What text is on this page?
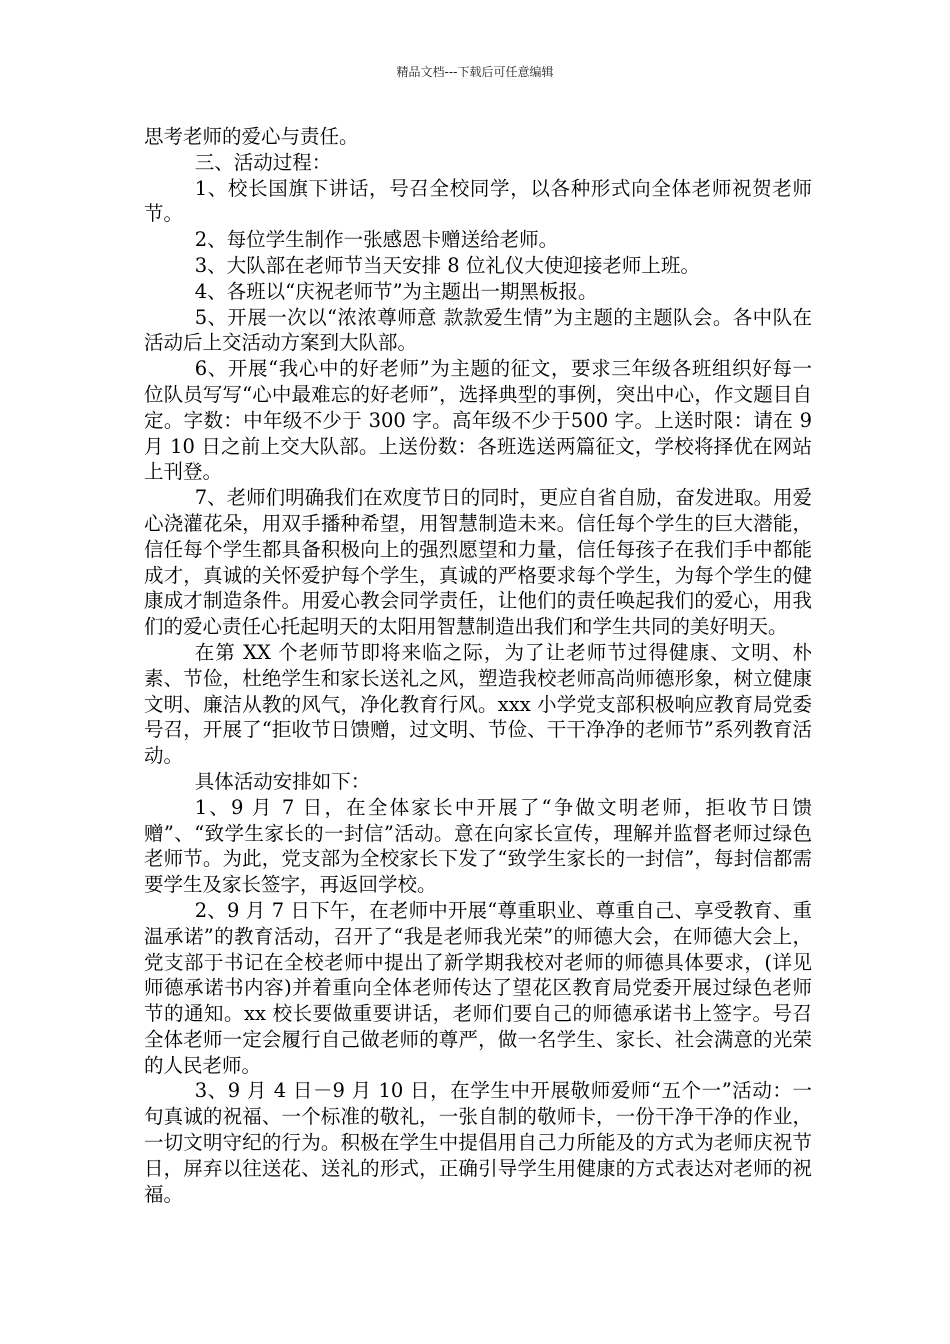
精品文档---下载后可任意编辑

思考老师的爱心与责任。

三、活动过程：

1、校长国旗下讲话，号召全校同学，以各种形式向全体老师祝贺老师节。

2、每位学生制作一张感恩卡赠送给老师。

3、大队部在老师节当天安排 8 位礼仪大使迎接老师上班。

4、各班以“庆祝老师节”为主题出一期黑板报。

5、开展一次以“浓浓尊师意 款款爱生情”为主题的主题队会。各中队在活动后上交活动方案到大队部。

6、开展“我心中的好老师”为主题的征文，要求三年级各班组织好每一位队员写写“心中最难忘的好老师”，选择典型的事例，突出中心，作文题目自定。字数：中年级不少于 300 字。高年级不少于500 字。上送时限：请在 9 月 10 日之前上交大队部。上送份数：各班选送两篇征文，学校将择优在网站上刊登。

7、老师们明确我们在欢度节日的同时，更应自省自励，奋发进取。用爱心浇灌花朵，用双手播种希望，用智慧制造未来。信任每个学生的巨大潜能，信任每个学生都具备积极向上的强烈愿望和力量，信任每孩子在我们手中都能成才，真诚的关怀爱护每个学生，真诚的严格要求每个学生，为每个学生的健康成才制造条件。用爱心教会同学责任，让他们的责任唤起我们的爱心，用我们的爱心责任心托起明天的太阳用智慧制造出我们和学生共同的美好明天。

在第 XX 个老师节即将来临之际，为了让老师节过得健康、文明、朴素、节俭，杜绝学生和家长送礼之风，塑造我校老师高尚师德形象，树立健康文明、廉洁从教的风气，净化教育行风。xxx 小学党支部积极响应教育局党委号召，开展了“拒收节日馈赠，过文明、节俭、干干净净的老师节”系列教育活动。

具体活动安排如下：

1、9 月 7 日，在全体家长中开展了“争做文明老师，拒收节日馈赠”、“致学生家长的一封信”活动。意在向家长宣传，理解并监督老师过绿色老师节。为此，党支部为全校家长下发了“致学生家长的一封信”，每封信都需要学生及家长签字，再返回学校。

2、9 月 7 日下午，在老师中开展“尊重职业、尊重自己、享受教育、重温承诺”的教育活动，召开了“我是老师我光荣”的师德大会，在师德大会上，党支部于书记在全校老师中提出了新学期我校对老师的师德具体要求，(详见师德承诺书内容)并着重向全体老师传达了望花区教育局党委开展过绿色老师节的通知。xx 校长要做重要讲话，老师们要自己的师德承诺书上签字。号召全体老师一定会履行自己做老师的尊严，做一名学生、家长、社会满意的光荣的人民老师。

3、9 月 4 日－9 月 10 日，在学生中开展敬师爱师“五个一”活动：一句真诚的祝福、一个标准的敬礼，一张自制的敬师卡，一份干净干净的作业，一切文明守纪的行为。积极在学生中提倡用自己力所能及的方式为老师庆祝节日，屏弃以往送花、送礼的形式，正确引导学生用健康的方式表达对老师的祝福。
